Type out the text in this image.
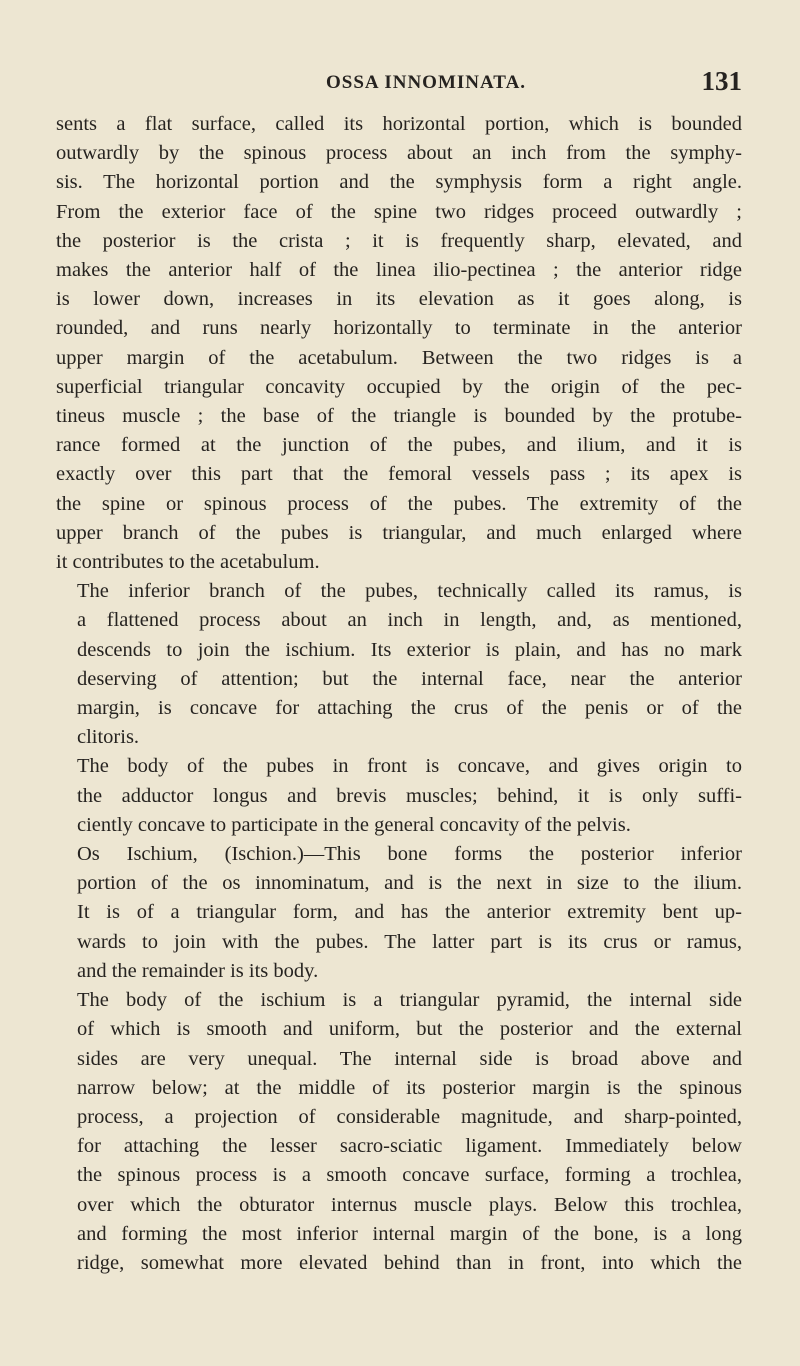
OSSA INNOMINATA.	131

sents a flat surface, called its horizontal portion, which is bounded
outwardly by the spinous process about an inch from the symphy-
sis. The horizontal portion and the symphysis form a right angle.
From the exterior face of the spine two ridges proceed outwardly ;
the posterior is the crista ; it is frequently sharp, elevated, and
makes the anterior half of the linea ilio-pectinea ; the anterior ridge
is lower down, increases in its elevation as it goes along, is
rounded, and runs nearly horizontally to terminate in the anterior
upper margin of the acetabulum. Between the two ridges is a
superficial triangular concavity occupied by the origin of the pec-
tineus muscle ; the base of the triangle is bounded by the protube-
rance formed at the junction of the pubes, and ilium, and it is
exactly over this part that the femoral vessels pass ; its apex is
the spine or spinous process of the pubes. The extremity of the
upper branch of the pubes is triangular, and much enlarged where
it contributes to the acetabulum.

The inferior branch of the pubes, technically called its ramus, is
a flattened process about an inch in length, and, as mentioned,
descends to join the ischium. Its exterior is plain, and has no mark
deserving of attention; but the internal face, near the anterior
margin, is concave for attaching the crus of the penis or of the
clitoris.

The body of the pubes in front is concave, and gives origin to
the adductor longus and brevis muscles; behind, it is only suffi-
ciently concave to participate in the general concavity of the pelvis.

Os Ischium, (Ischion.)—This bone forms the posterior inferior
portion of the os innominatum, and is the next in size to the ilium.
It is of a triangular form, and has the anterior extremity bent up-
wards to join with the pubes. The latter part is its crus or ramus,
and the remainder is its body.

The body of the ischium is a triangular pyramid, the internal side
of which is smooth and uniform, but the posterior and the external
sides are very unequal. The internal side is broad above and
narrow below; at the middle of its posterior margin is the spinous
process, a projection of considerable magnitude, and sharp-pointed,
for attaching the lesser sacro-sciatic ligament. Immediately below
the spinous process is a smooth concave surface, forming a trochlea,
over which the obturator internus muscle plays. Below this trochlea,
and forming the most inferior internal margin of the bone, is a long
ridge, somewhat more elevated behind than in front, into which the
